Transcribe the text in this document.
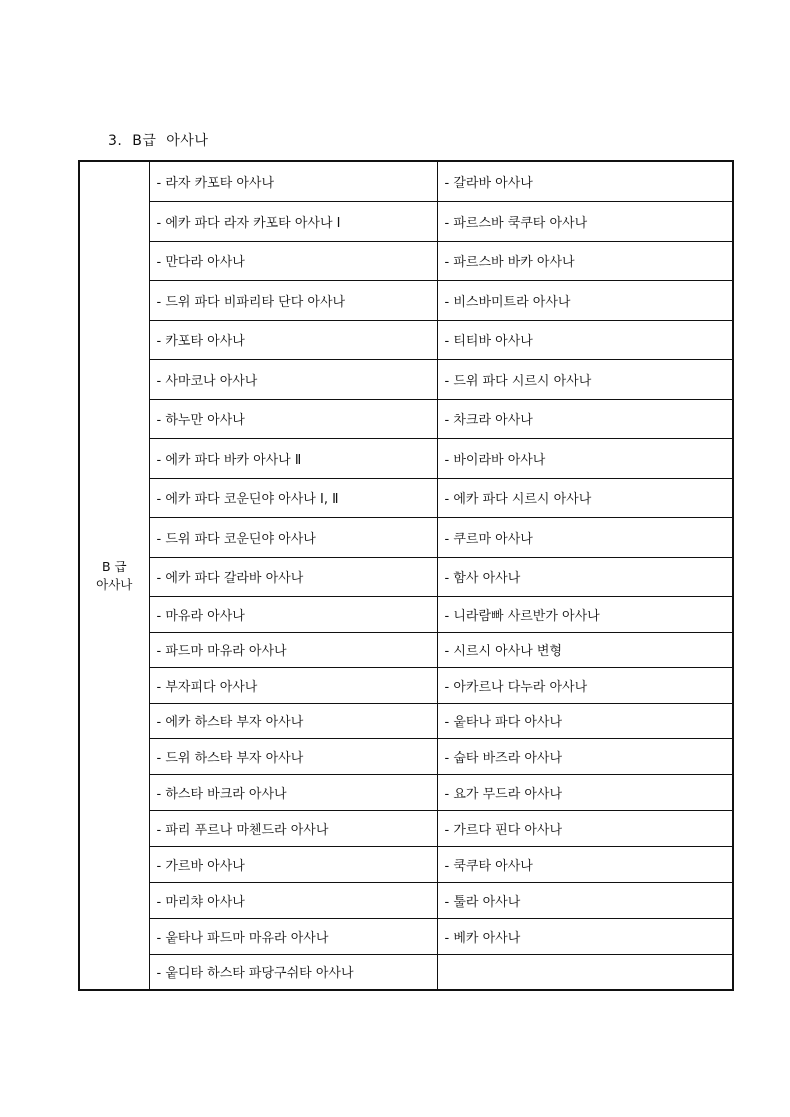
3.  B급  아사나
B 급
아사나	- 라자 카포타 아사나	- 갈라바 아사나
	- 에카 파다 라자 카포타 아사나 Ⅰ	- 파르스바 쿡쿠타 아사나
	- 만다라 아사나	- 파르스바 바카 아사나
	- 드위 파다 비파리타 단다 아사나	- 비스바미트라 아사나
	- 카포타 아사나	- 티티바 아사나
	- 사마코나 아사나	- 드위 파다 시르시 아사나
	- 하누만 아사나	- 차크라 아사나
	- 에카 파다 바카 아사나 Ⅱ	- 바이라바 아사나
	- 에카 파다 코운딘야 아사나 Ⅰ, Ⅱ	- 에카 파다 시르시 아사나
	- 드위 파다 코운딘야 아사나	- 쿠르마 아사나
	- 에카 파다 갈라바 아사나	- 함사 아사나
	- 마유라 아사나	- 니라람빠 사르반가 아사나
	- 파드마 마유라 아사나	- 시르시 아사나 변형
	- 부자피다 아사나	- 아카르나 다누라 아사나
	- 에카 하스타 부자 아사나	- 웉타나 파다 아사나
	- 드위 하스타 부자 아사나	- 숩타 바즈라 아사나
	- 하스타 바크라 아사나	- 요가 무드라 아사나
	- 파리 푸르나 마첸드라 아사나	- 가르다 핀다 아사나
	- 가르바 아사나	- 쿡쿠타 아사나
	- 마리챠 아사나	- 툴라 아사나
	- 웉타나 파드마 마유라 아사나	- 베카 아사나
	- 웉디타 하스타 파당구쉬타 아사나	
